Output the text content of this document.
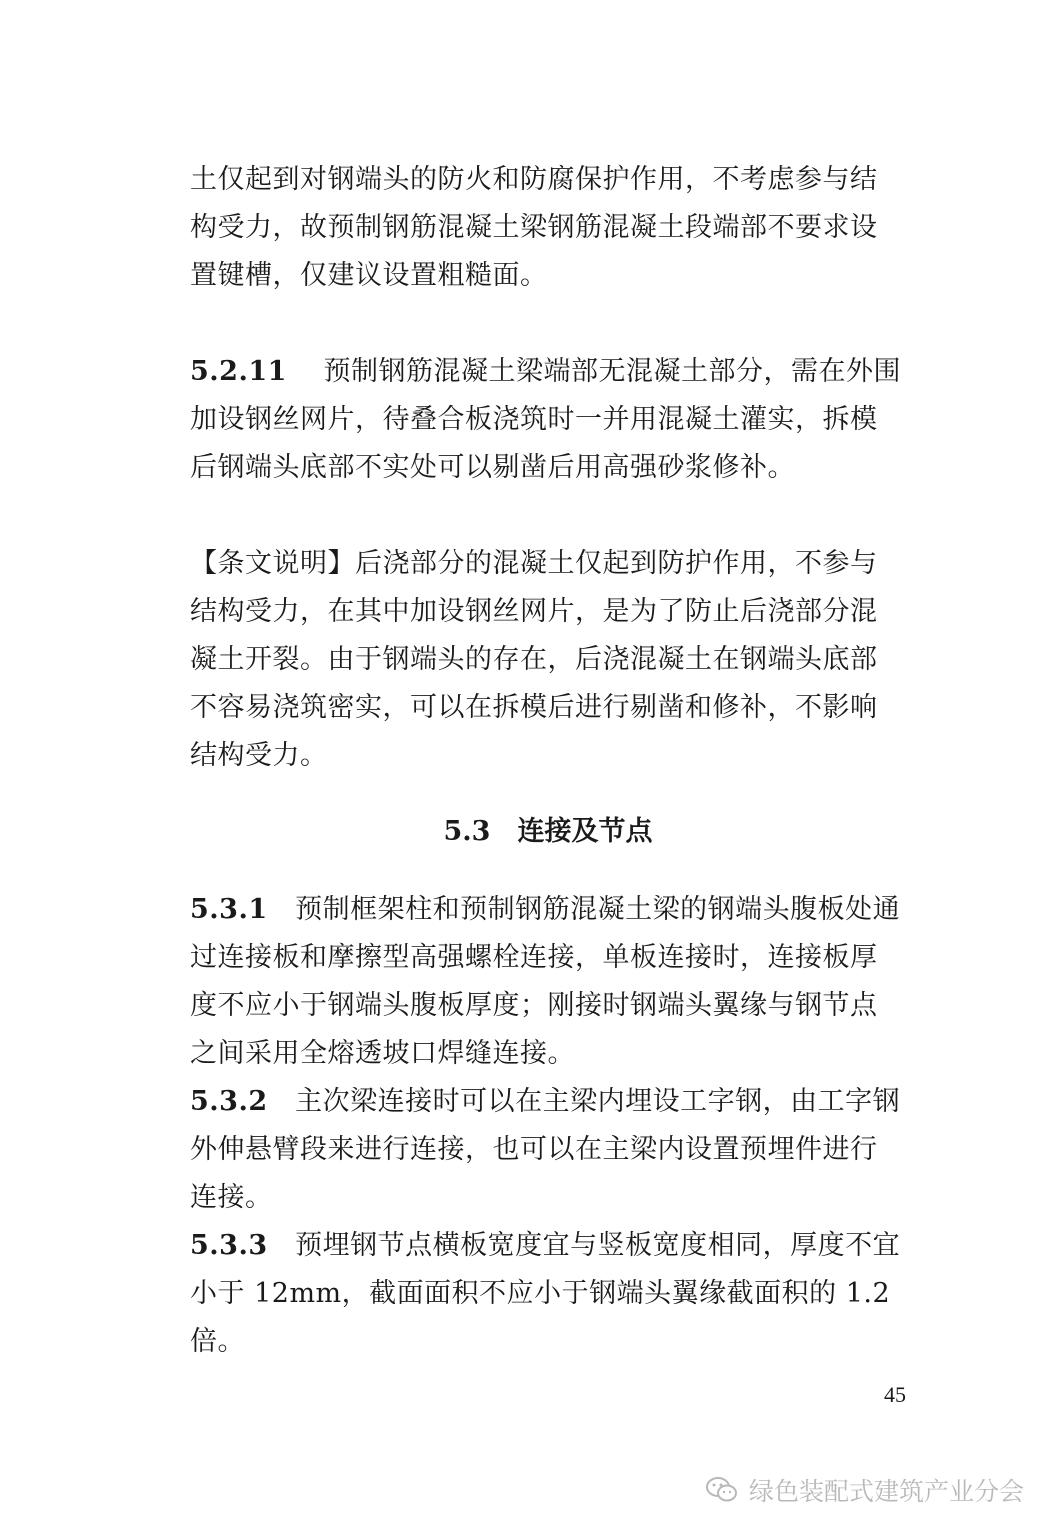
土仅起到对钢端头的防火和防腐保护作用，不考虑参与结
构受力，故预制钢筋混凝土梁钢筋混凝土段端部不要求设
置键槽，仅建议设置粗糙面。
5.2.11　 预制钢筋混凝土梁端部无混凝土部分，需在外围
加设钢丝网片，待叠合板浇筑时一并用混凝土灌实，拆模
后钢端头底部不实处可以剔凿后用高强砂浆修补。
【条文说明】后浇部分的混凝土仅起到防护作用，不参与
结构受力，在其中加设钢丝网片，是为了防止后浇部分混
凝土开裂。由于钢端头的存在，后浇混凝土在钢端头底部
不容易浇筑密实，可以在拆模后进行剔凿和修补，不影响
结构受力。
5.3　连接及节点
5.3.1　 预制框架柱和预制钢筋混凝土梁的钢端头腹板处通
过连接板和摩擦型高强螺栓连接，单板连接时，连接板厚
度不应小于钢端头腹板厚度；刚接时钢端头翼缘与钢节点
之间采用全熔透坡口焊缝连接。
5.3.2　 主次梁连接时可以在主梁内埋设工字钢，由工字钢
外伸悬臂段来进行连接，也可以在主梁内设置预埋件进行
连接。
5.3.3　 预埋钢节点横板宽度宜与竖板宽度相同，厚度不宜
小于 12mm，截面面积不应小于钢端头翼缘截面积的 1.2
倍。
45
绿色装配式建筑产业分会
